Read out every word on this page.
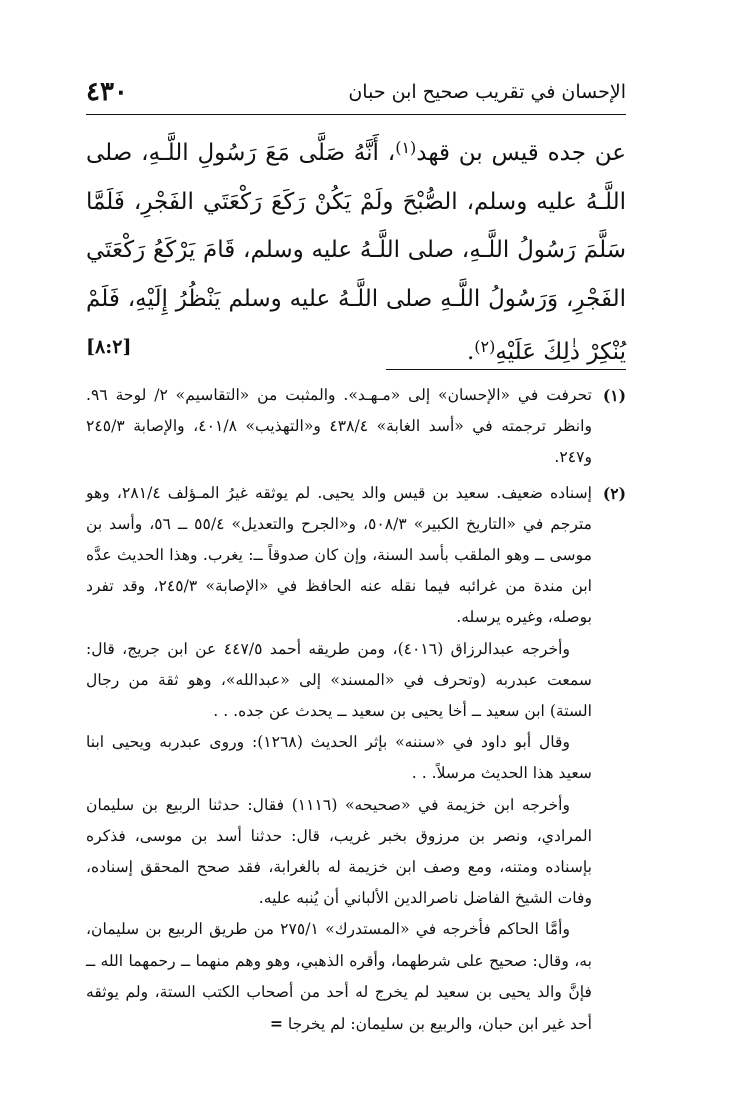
الإحسان في تقريب صحيح ابن حبان
٤٣٠
عن جده قيس بن قهد$^{(١)}$، أَنَّهُ صَلَّى مَعَ رَسُولِ اللَّـهِ، صلى اللَّـهُ عليه وسلم، الصُّبْحَ ولَمْ يَكُنْ رَكَعَ رَكْعَتَي الفَجْرِ، فَلَمَّا سَلَّمَ رَسُولُ اللَّـهِ، صلى اللَّـهُ عليه وسلم، قَامَ يَرْكَعُ رَكْعَتَي الفَجْرِ، وَرَسُولُ اللَّـهِ صلى اللَّـهُ عليه وسلم يَنْظُرُ إِلَيْهِ، فَلَمْ يُنْكِرْ ذٰلِكَ عَلَيْهِ$^{(٢)}$.
[٨:٢]
(١)

تحرفت في «الإحسان» إلى «مـهـد». والمثبت من «التقاسيم» ٢/ لوحة ٩٦. وانظر ترجمته في «أسد الغابة» ٤٣٨/٤ و«التهذيب» ٤٠١/٨، والإصابة ٢٤٥/٣ و٢٤٧.

(٢)

إسناده ضعيف. سعيد بن قيس والد يحيى. لم يوثقه غيرُ المـؤلف ٢٨١/٤، وهو مترجم في «التاريخ الكبير» ٥٠٨/٣، و«الجرح والتعديل» ٥٥/٤ ــ ٥٦، وأسد بن موسى ــ وهو الملقب بأسد السنة، وإن كان صدوقاً ــ: يغرب. وهذا الحديث عدَّه ابن مندة من غرائبه فيما نقله عنه الحافظ في «الإصابة» ٢٤٥/٣، وقد تفرد بوصله، وغيره يرسله.

وأخرجه عبدالرزاق (٤٠١٦)، ومن طريقه أحمد ٤٤٧/٥ عن ابن جريج، قال: سمعت عبدربه (وتحرف في «المسند» إلى «عبدالله»، وهو ثقة من رجال الستة) ابن سعيد ــ أخا يحيى بن سعيد ــ يحدث عن جده. . .

وقال أبو داود في «سننه» بإثر الحديث (١٢٦٨): وروى عبدربه ويحيى ابنا سعيد هذا الحديث مرسلاً. . .

وأخرجه ابن خزيمة في «صحيحه» (١١١٦) فقال: حدثنا الربيع بن سليمان المرادي، ونصر بن مرزوق بخبر غريب، قال: حدثنا أسد بن موسى، فذكره بإسناده ومتنه، ومع وصف ابن خزيمة له بالغرابة، فقد صحح المحقق إسناده، وفات الشيخ الفاضل ناصرالدين الألباني أن يُنبه عليه.

وأمَّا الحاكم فأخرجه في «المستدرك» ٢٧٥/١ من طريق الربيع بن سليمان، به، وقال: صحيح على شرطهما، وأقره الذهبي، وهو وهم منهما ــ رحمهما الله ــ فإنَّ والد يحيى بن سعيد لم يخرج له أحد من أصحاب الكتب الستة، ولم يوثقه أحد غير ابن حبان، والربيع بن سليمان: لم يخرجا =
